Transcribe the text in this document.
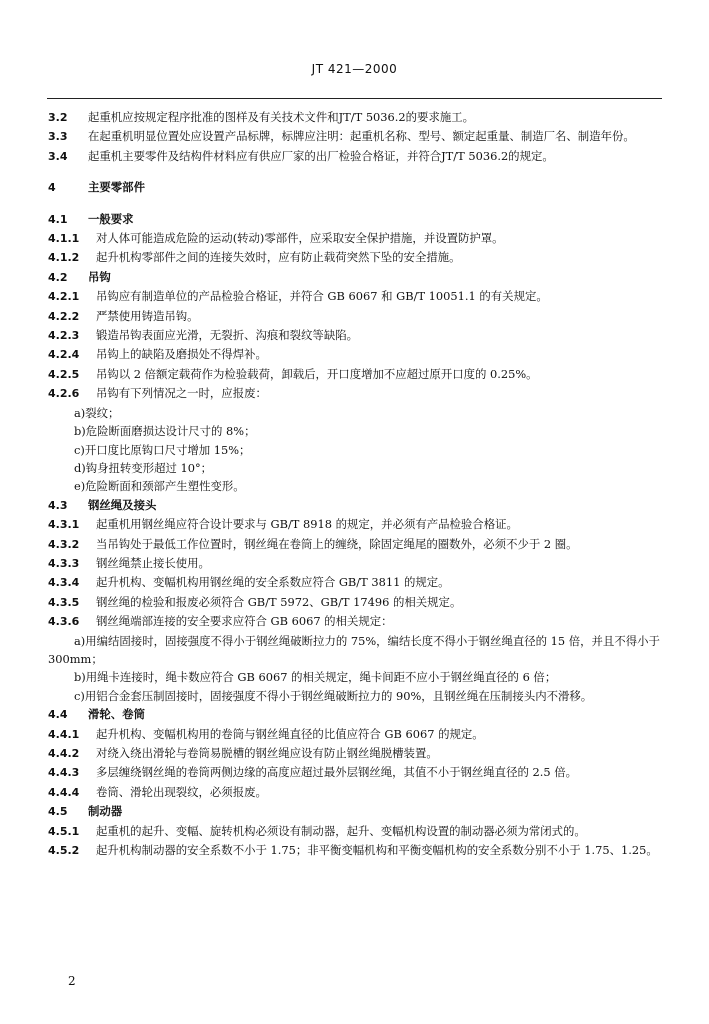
JT 421—2000

3.2 起重机应按规定程序批准的图样及有关技术文件和JT/T 5036.2的要求施工。

3.3 在起重机明显位置处应设置产品标牌，标牌应注明：起重机名称、型号、额定起重量、制造厂名、制造年份。

3.4 起重机主要零件及结构件材料应有供应厂家的出厂检验合格证，并符合JT/T 5036.2的规定。

4	主要零部件

4.1 一般要求

4.1.1 对人体可能造成危险的运动(转动)零部件，应采取安全保护措施，并设置防护罩。

4.1.2 起升机构零部件之间的连接失效时，应有防止载荷突然下坠的安全措施。

4.2 吊钩

4.2.1 吊钩应有制造单位的产品检验合格证，并符合 GB 6067 和 GB/T 10051.1 的有关规定。

4.2.2 严禁使用铸造吊钩。

4.2.3 锻造吊钩表面应光滑，无裂折、沟痕和裂纹等缺陷。

4.2.4 吊钩上的缺陷及磨损处不得焊补。

4.2.5 吊钩以 2 倍额定载荷作为检验载荷，卸载后，开口度增加不应超过原开口度的 0.25%。

4.2.6 吊钩有下列情况之一时，应报废：

a)裂纹；

b)危险断面磨损达设计尺寸的 8%；

c)开口度比原钩口尺寸增加 15%；

d)钩身扭转变形超过 10°；

e)危险断面和颈部产生塑性变形。

4.3 钢丝绳及接头

4.3.1 起重机用钢丝绳应符合设计要求与 GB/T 8918 的规定，并必须有产品检验合格证。

4.3.2 当吊钩处于最低工作位置时，钢丝绳在卷筒上的缠绕，除固定绳尾的圈数外，必须不少于 2 圈。

4.3.3 钢丝绳禁止接长使用。

4.3.4 起升机构、变幅机构用钢丝绳的安全系数应符合 GB/T 3811 的规定。

4.3.5 钢丝绳的检验和报废必须符合 GB/T 5972、GB/T 17496 的相关规定。

4.3.6 钢丝绳端部连接的安全要求应符合 GB 6067 的相关规定：

a)用编结固接时，固接强度不得小于钢丝绳破断拉力的 75%，编结长度不得小于钢丝绳直径的 15 倍，并且不得小于 300mm；

b)用绳卡连接时，绳卡数应符合 GB 6067 的相关规定，绳卡间距不应小于钢丝绳直径的 6 倍；

c)用铝合金套压制固接时，固接强度不得小于钢丝绳破断拉力的 90%，且钢丝绳在压制接头内不滑移。

4.4 滑轮、卷筒

4.4.1 起升机构、变幅机构用的卷筒与钢丝绳直径的比值应符合 GB 6067 的规定。

4.4.2 对绕入绕出滑轮与卷筒易脱槽的钢丝绳应设有防止钢丝绳脱槽装置。

4.4.3 多层缠绕钢丝绳的卷筒两侧边缘的高度应超过最外层钢丝绳，其值不小于钢丝绳直径的 2.5 倍。

4.4.4 卷筒、滑轮出现裂纹，必须报废。

4.5 制动器

4.5.1 起重机的起升、变幅、旋转机构必须设有制动器，起升、变幅机构设置的制动器必须为常闭式的。

4.5.2 起升机构制动器的安全系数不小于 1.75；非平衡变幅机构和平衡变幅机构的安全系数分别不小于 1.75、1.25。

2
